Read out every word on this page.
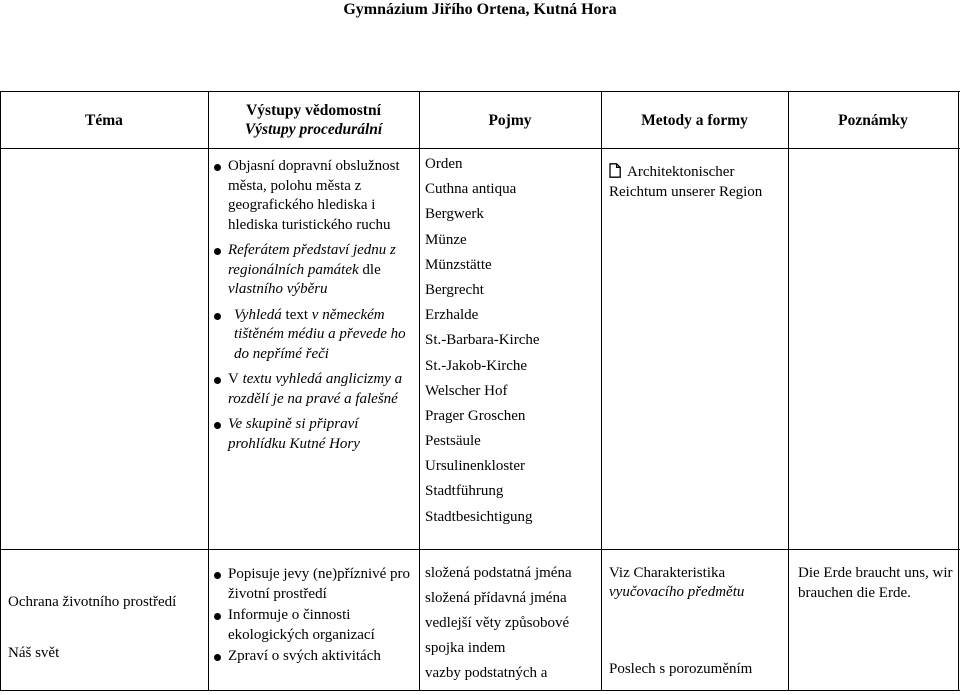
Gymnázium Jiřího Ortena, Kutná Hora
Téma
Výstupy vědomostní
Výstupy procedurální
Pojmy	Metody a formy	Poznámky
Objasní dopravní obslužnost města, polohu města z geografického hlediska i hlediska turistického ruchu
Referátem představí jednu z regionálních památek dle vlastního výběru
Vyhledá text v německém tištěném médiu a převede ho do nepřímé řeči
V textu vyhledá anglicizmy a rozdělí je na pravé a falešné
Ve skupině si připraví prohlídku Kutné Hory
Orden
Cuthna antiqua
Bergwerk
Münze
Münzstätte
Bergrecht
Erzhalde
St.-Barbara-Kirche
St.-Jakob-Kirche
Welscher Hof
Prager Groschen
Pestsäule
Ursulinenkloster
Stadtführung
Stadtbesichtigung
Architektonischer Reichtum unserer Region
Ochrana životního prostředí
Náš svět
Popisuje jevy (ne)příznivé pro životní prostředí
Informuje o činnosti ekologických organizací
Zpraví o svých aktivitách
složená podstatná jména
složená přídavná jména
vedlejší věty způsobové
spojka indem
vazby podstatných a
Viz Charakteristika
vyučovacího předmětu
Poslech s porozuměním
Die Erde braucht uns, wir brauchen die Erde.
